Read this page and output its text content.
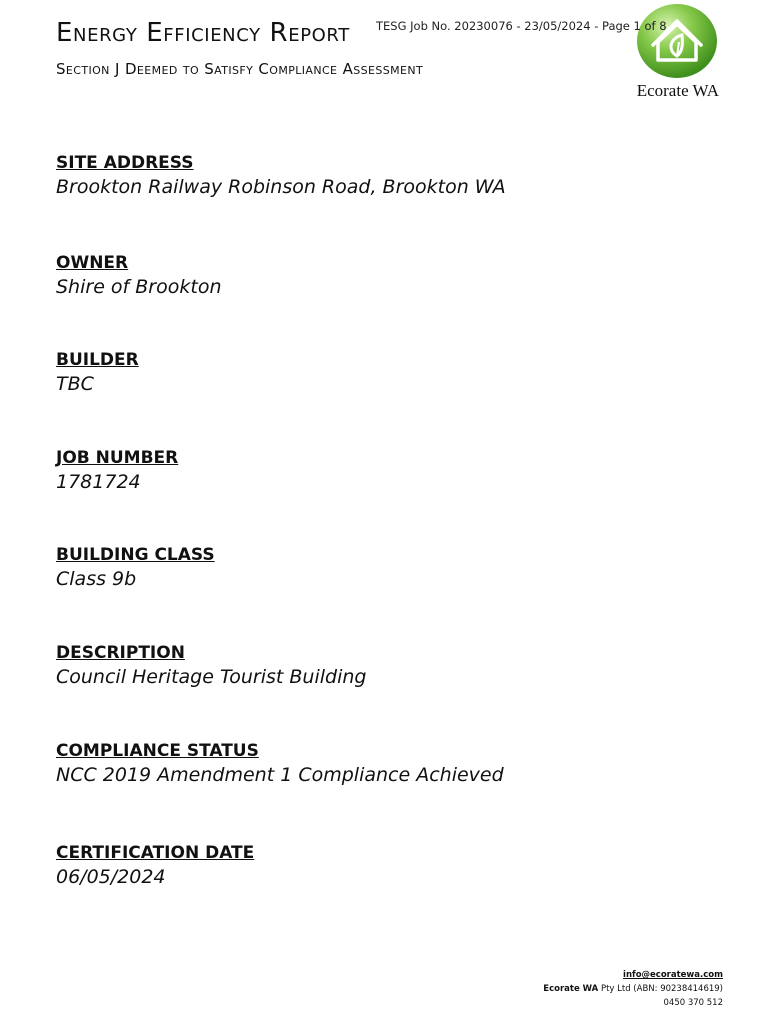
Energy Efficiency Report
Section J Deemed to Satisfy Compliance Assessment
TESG Job No. 20230076 - 23/05/2024 - Page 1 of 8
Ecorate WA
SITE ADDRESS
Brookton Railway Robinson Road, Brookton WA
OWNER
Shire of Brookton
BUILDER
TBC
JOB NUMBER
1781724
BUILDING CLASS
Class 9b
DESCRIPTION
Council Heritage Tourist Building
COMPLIANCE STATUS
NCC 2019 Amendment 1 Compliance Achieved
CERTIFICATION DATE
06/05/2024
info@ecoratewa.com
Ecorate WA Pty Ltd (ABN: 90238414619)
0450 370 512
